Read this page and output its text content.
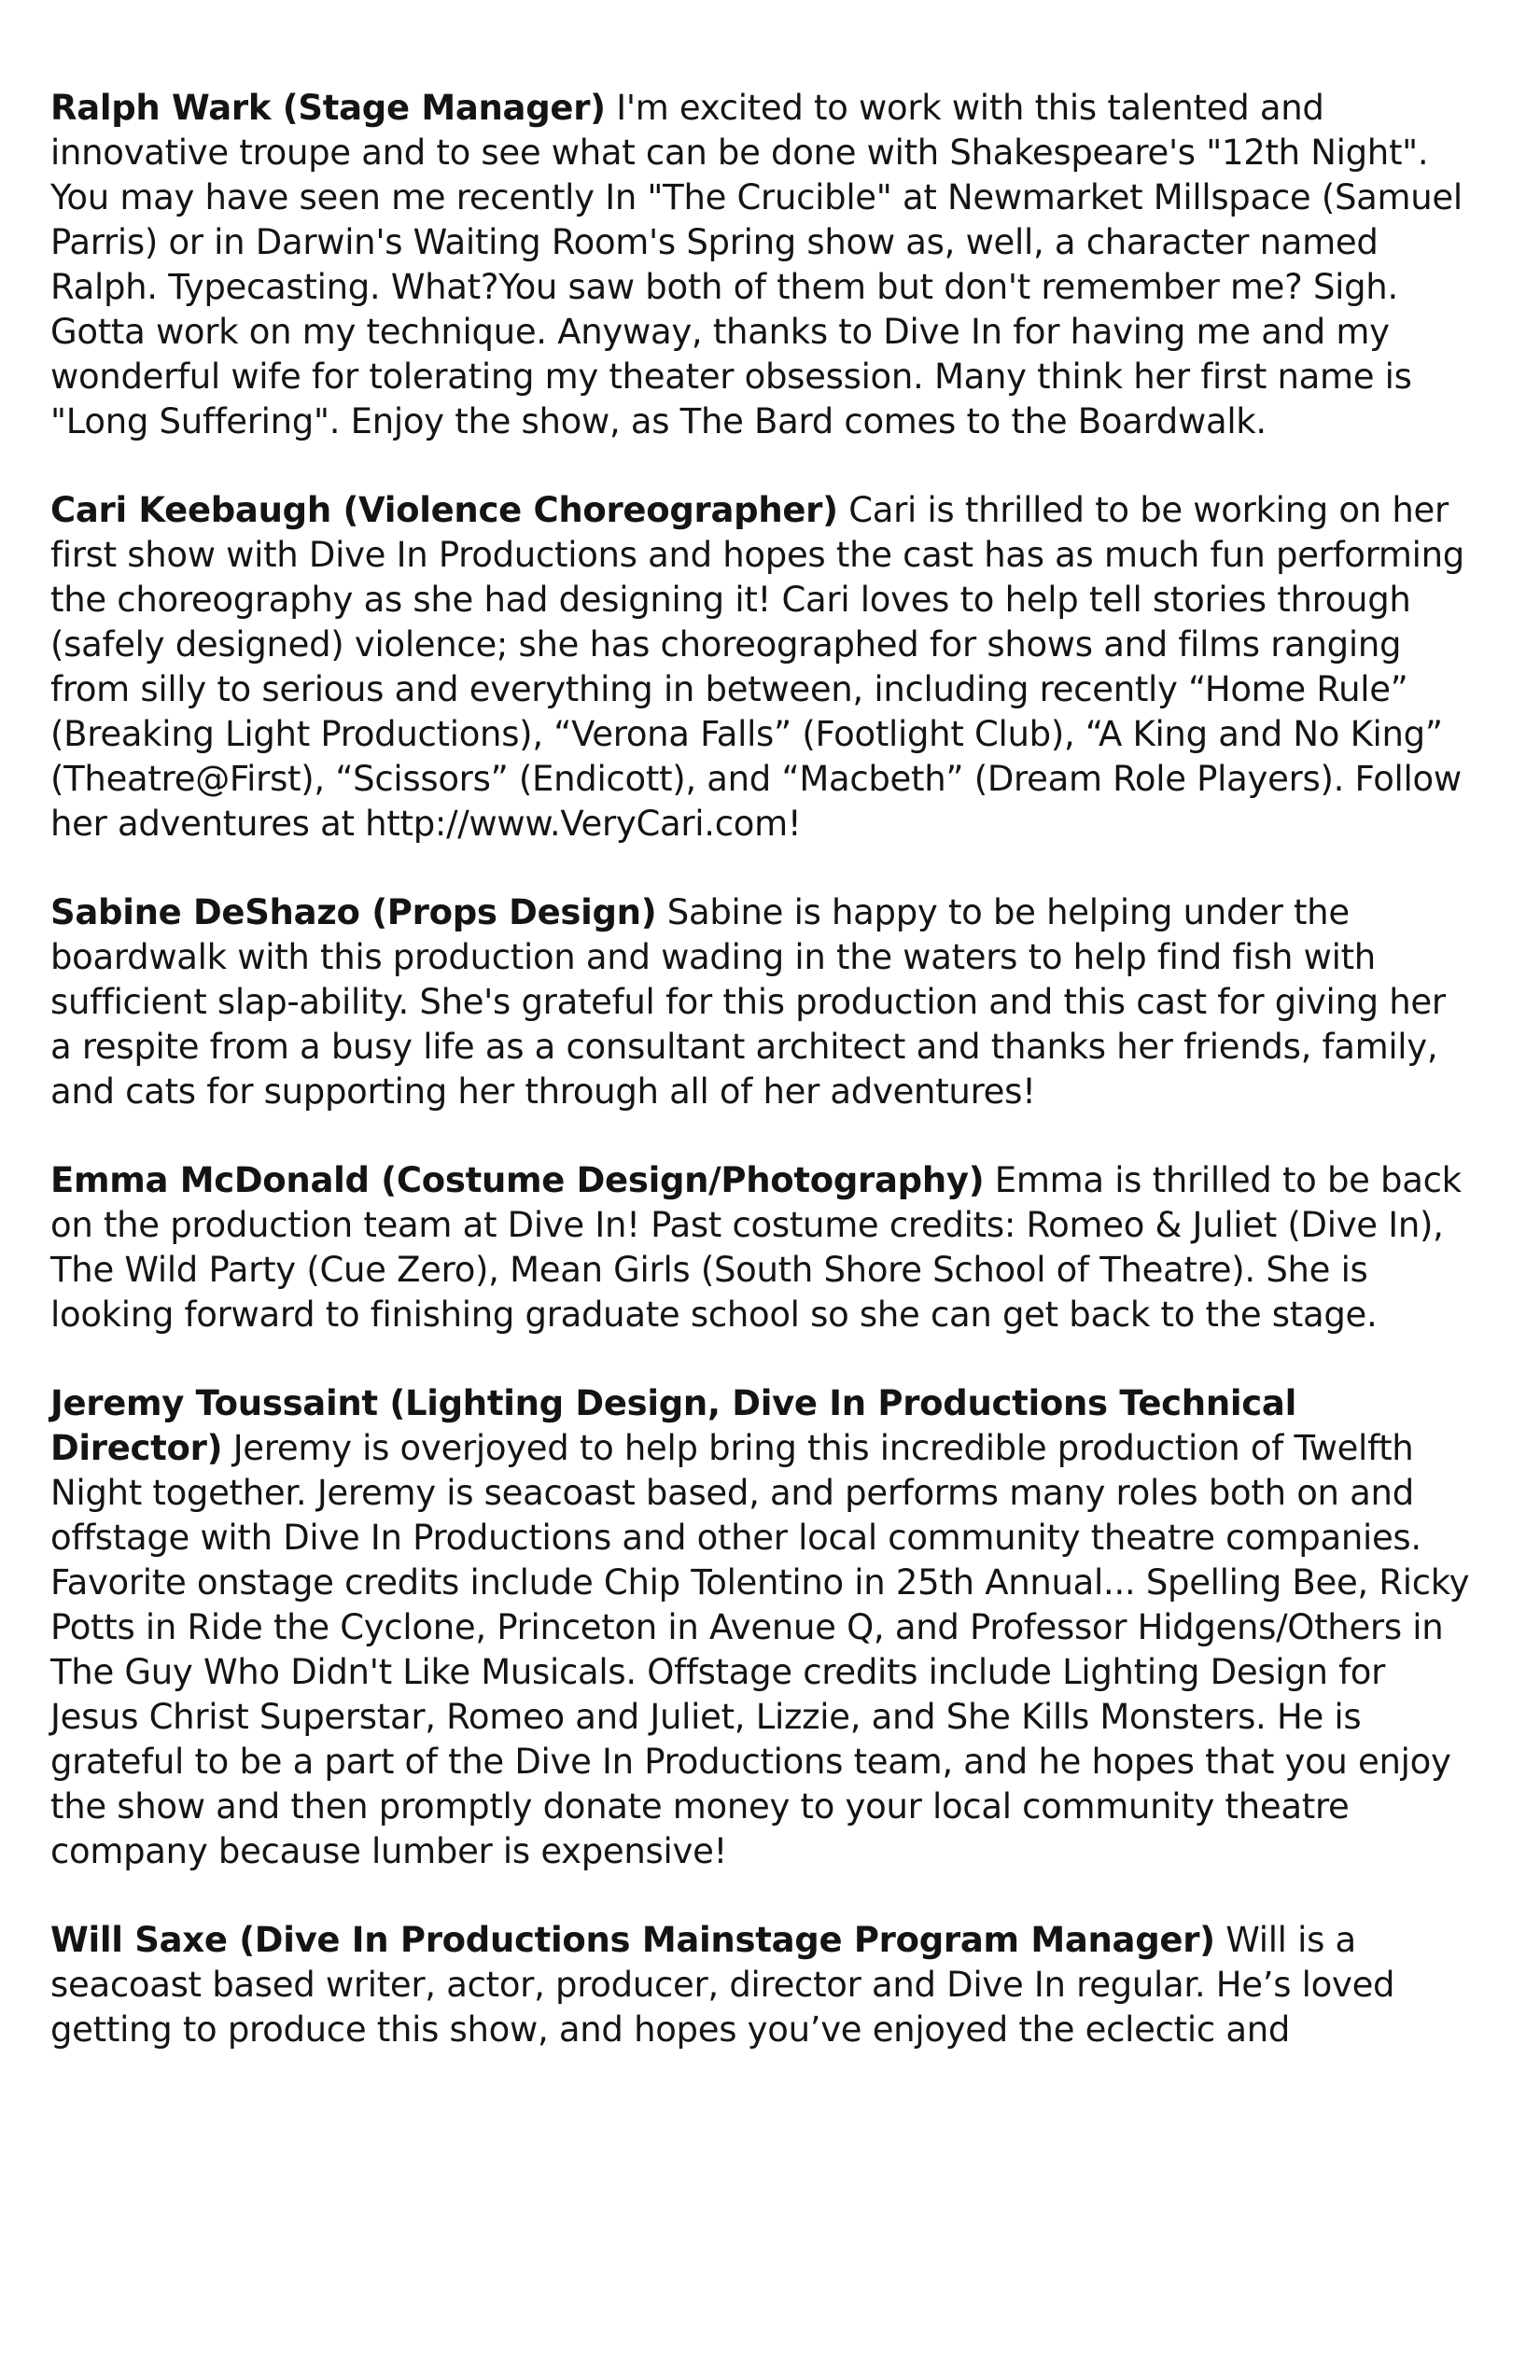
Ralph Wark (Stage Manager) I'm excited to work with this talented and innovative troupe and to see what can be done with Shakespeare's "12th Night". You may have seen me recently In "The Crucible" at Newmarket Millspace (Samuel Parris) or in Darwin's Waiting Room's Spring show as, well, a character named Ralph. Typecasting. What?You saw both of them but don't remember me? Sigh. Gotta work on my technique. Anyway, thanks to Dive In for having me and my wonderful wife for tolerating my theater obsession. Many think her first name is "Long Suffering". Enjoy the show, as The Bard comes to the Boardwalk.

Cari Keebaugh (Violence Choreographer) Cari is thrilled to be working on her first show with Dive In Productions and hopes the cast has as much fun performing the choreography as she had designing it! Cari loves to help tell stories through (safely designed) violence; she has choreographed for shows and films ranging from silly to serious and everything in between, including recently “Home Rule” (Breaking Light Productions), “Verona Falls” (Footlight Club), “A King and No King” (Theatre@First), “Scissors” (Endicott), and “Macbeth” (Dream Role Players). Follow her adventures at http://www.VeryCari.com!

Sabine DeShazo (Props Design) Sabine is happy to be helping under the boardwalk with this production and wading in the waters to help find fish with sufficient slap-ability. She's grateful for this production and this cast for giving her a respite from a busy life as a consultant architect and thanks her friends, family, and cats for supporting her through all of her adventures!

Emma McDonald (Costume Design/Photography) Emma is thrilled to be back on the production team at Dive In! Past costume credits: Romeo & Juliet (Dive In), The Wild Party (Cue Zero), Mean Girls (South Shore School of Theatre). She is looking forward to finishing graduate school so she can get back to the stage.

Jeremy Toussaint (Lighting Design, Dive In Productions Technical Director) Jeremy is overjoyed to help bring this incredible production of Twelfth Night together. Jeremy is seacoast based, and performs many roles both on and offstage with Dive In Productions and other local community theatre companies. Favorite onstage credits include Chip Tolentino in 25th Annual... Spelling Bee, Ricky Potts in Ride the Cyclone, Princeton in Avenue Q, and Professor Hidgens/Others in The Guy Who Didn't Like Musicals. Offstage credits include Lighting Design for Jesus Christ Superstar, Romeo and Juliet, Lizzie, and She Kills Monsters. He is grateful to be a part of the Dive In Productions team, and he hopes that you enjoy the show and then promptly donate money to your local community theatre company because lumber is expensive!

Will Saxe (Dive In Productions Mainstage Program Manager) Will is a seacoast based writer, actor, producer, director and Dive In regular. He’s loved getting to produce this show, and hopes you’ve enjoyed the eclectic and
